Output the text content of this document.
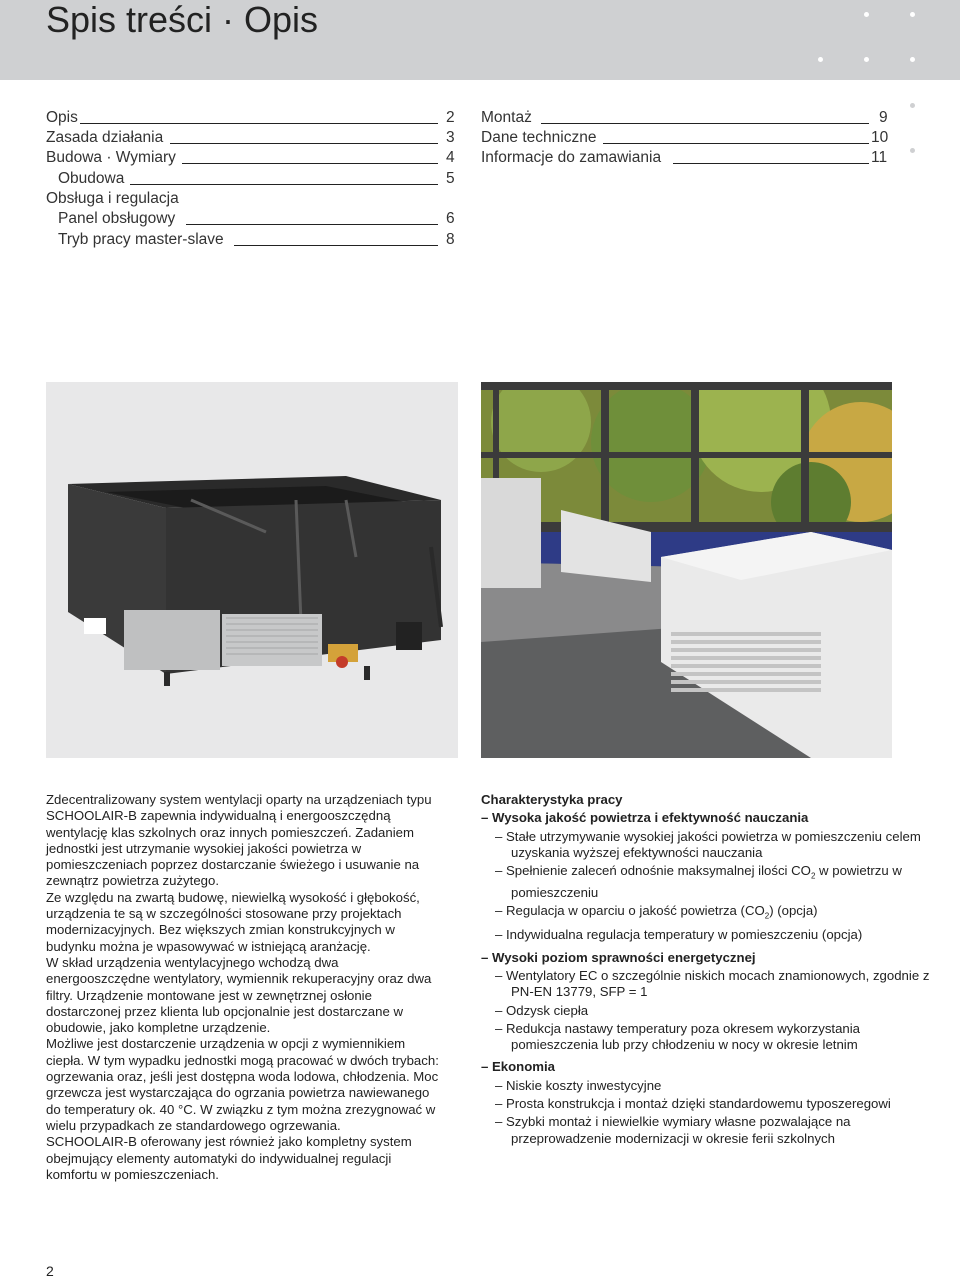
Spis treści · Opis
Opis	2
Zasada działania	3
Budowa · Wymiary	4
Obudowa	5
Obsługa i regulacja
Panel obsługowy	6
Tryb pracy master-slave	8
Montaż	9
Dane techniczne	10
Informacje do zamawiania	11

Zdecentralizowany system wentylacji oparty na urządzeniach typu SCHOOLAIR-B zapewnia indywidualną i energooszczędną wentylację klas szkolnych oraz innych pomieszczeń. Zadaniem jednostki jest utrzymanie wysokiej jakości powietrza w pomieszczeniach poprzez dostarczanie świeżego i usuwanie na zewnątrz powietrza zużytego.

Ze względu na zwartą budowę, niewielką wysokość i głębokość, urządzenia te są w szczególności stosowane przy projektach modernizacyjnych. Bez większych zmian konstrukcyjnych w budynku można je wpasowywać w istniejącą aranżację.

W skład urządzenia wentylacyjnego wchodzą dwa energooszczędne wentylatory, wymiennik rekuperacyjny oraz dwa filtry. Urządzenie montowane jest w zewnętrznej osłonie dostarczonej przez klienta lub opcjonalnie jest dostarczane w obudowie, jako kompletne urządzenie.

Możliwe jest dostarczenie urządzenia w opcji z wymiennikiem ciepła. W tym wypadku jednostki mogą pracować w dwóch trybach: ogrzewania oraz, jeśli jest dostępna woda lodowa, chłodzenia. Moc grzewcza jest wystarczająca do ogrzania powietrza nawiewanego do temperatury ok. 40 °C. W związku z tym można zrezygnować w wielu przypadkach ze standardowego ogrzewania.

SCHOOLAIR-B oferowany jest również jako kompletny system obejmujący elementy automatyki do indywidualnej regulacji komfortu w pomieszczeniach.

Charakterystyka pracy
– Wysoka jakość powietrza i efektywność nauczania
– Stałe utrzymywanie wysokiej jakości powietrza w pomieszczeniu celem uzyskania wyższej efektywności nauczania
– Spełnienie zaleceń odnośnie maksymalnej ilości $CO_2$ w powietrzu w pomieszczeniu
– Regulacja w oparciu o jakość powietrza $(CO_2)$ (opcja)
– Indywidualna regulacja temperatury w pomieszczeniu (opcja)
– Wysoki poziom sprawności energetycznej
– Wentylatory EC o szczególnie niskich mocach znamionowych, zgodnie z PN-EN 13779, SFP = 1
– Odzysk ciepła
– Redukcja nastawy temperatury poza okresem wykorzystania pomieszczenia lub przy chłodzeniu w nocy w okresie letnim
– Ekonomia
– Niskie koszty inwestycyjne
– Prosta konstrukcja i montaż dzięki standardowemu typoszeregowi
– Szybki montaż i niewielkie wymiary własne pozwalające na przeprowadzenie modernizacji w okresie ferii szkolnych
2
